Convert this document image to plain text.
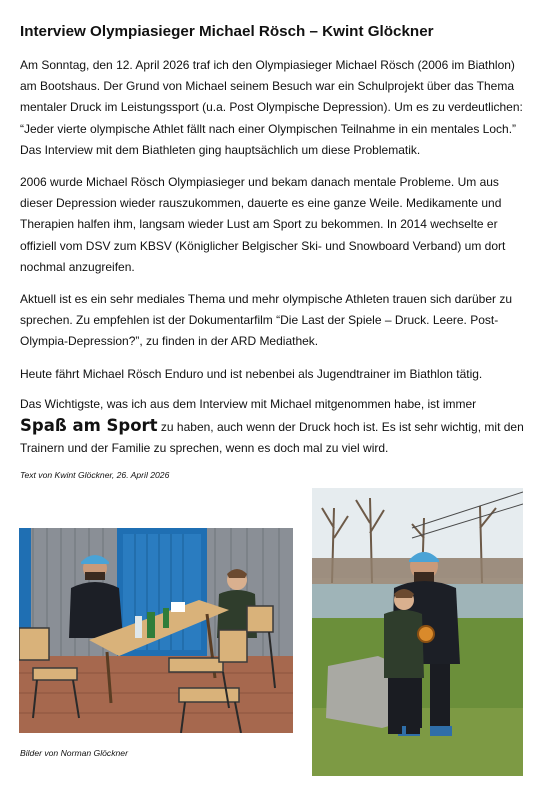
Interview Olympiasieger Michael Rösch – Kwint Glöckner

Am Sonntag, den 12. April 2026 traf ich den Olympiasieger Michael Rösch (2006 im Biathlon) am Bootshaus. Der Grund von Michael seinem Besuch war ein Schulprojekt über das Thema mentaler Druck im Leistungssport (u.a. Post Olympische Depression). Um es zu verdeutlichen: “Jeder vierte olympische Athlet fällt nach einer Olympischen Teilnahme in ein mentales Loch.” Das Interview mit dem Biathleten ging hauptsächlich um diese Problematik.

2006 wurde Michael Rösch Olympiasieger und bekam danach mentale Probleme. Um aus dieser Depression wieder rauszukommen, dauerte es eine ganze Weile. Medikamente und Therapien halfen ihm, langsam wieder Lust am Sport zu bekommen. In 2014 wechselte er offiziell vom DSV zum KBSV (Königlicher Belgischer Ski- und Snowboard Verband) um dort nochmal anzugreifen.

Aktuell ist es ein sehr mediales Thema und mehr olympische Athleten trauen sich darüber zu sprechen. Zu empfehlen ist der Dokumentarfilm “Die Last der Spiele – Druck. Leere. Post-Olympia-Depression?”, zu finden in der ARD Mediathek.

Heute fährt Michael Rösch Enduro und ist nebenbei als Jugendtrainer im Biathlon tätig.

Das Wichtigste, was ich aus dem Interview mit Michael mitgenommen habe, ist immer
Spaß am Sport zu haben, auch wenn der Druck hoch ist. Es ist sehr wichtig, mit den Trainern und der Familie zu sprechen, wenn es doch mal zu viel wird.

Text von Kwint Glöckner, 26. April 2026

Bilder von Norman Glöckner
